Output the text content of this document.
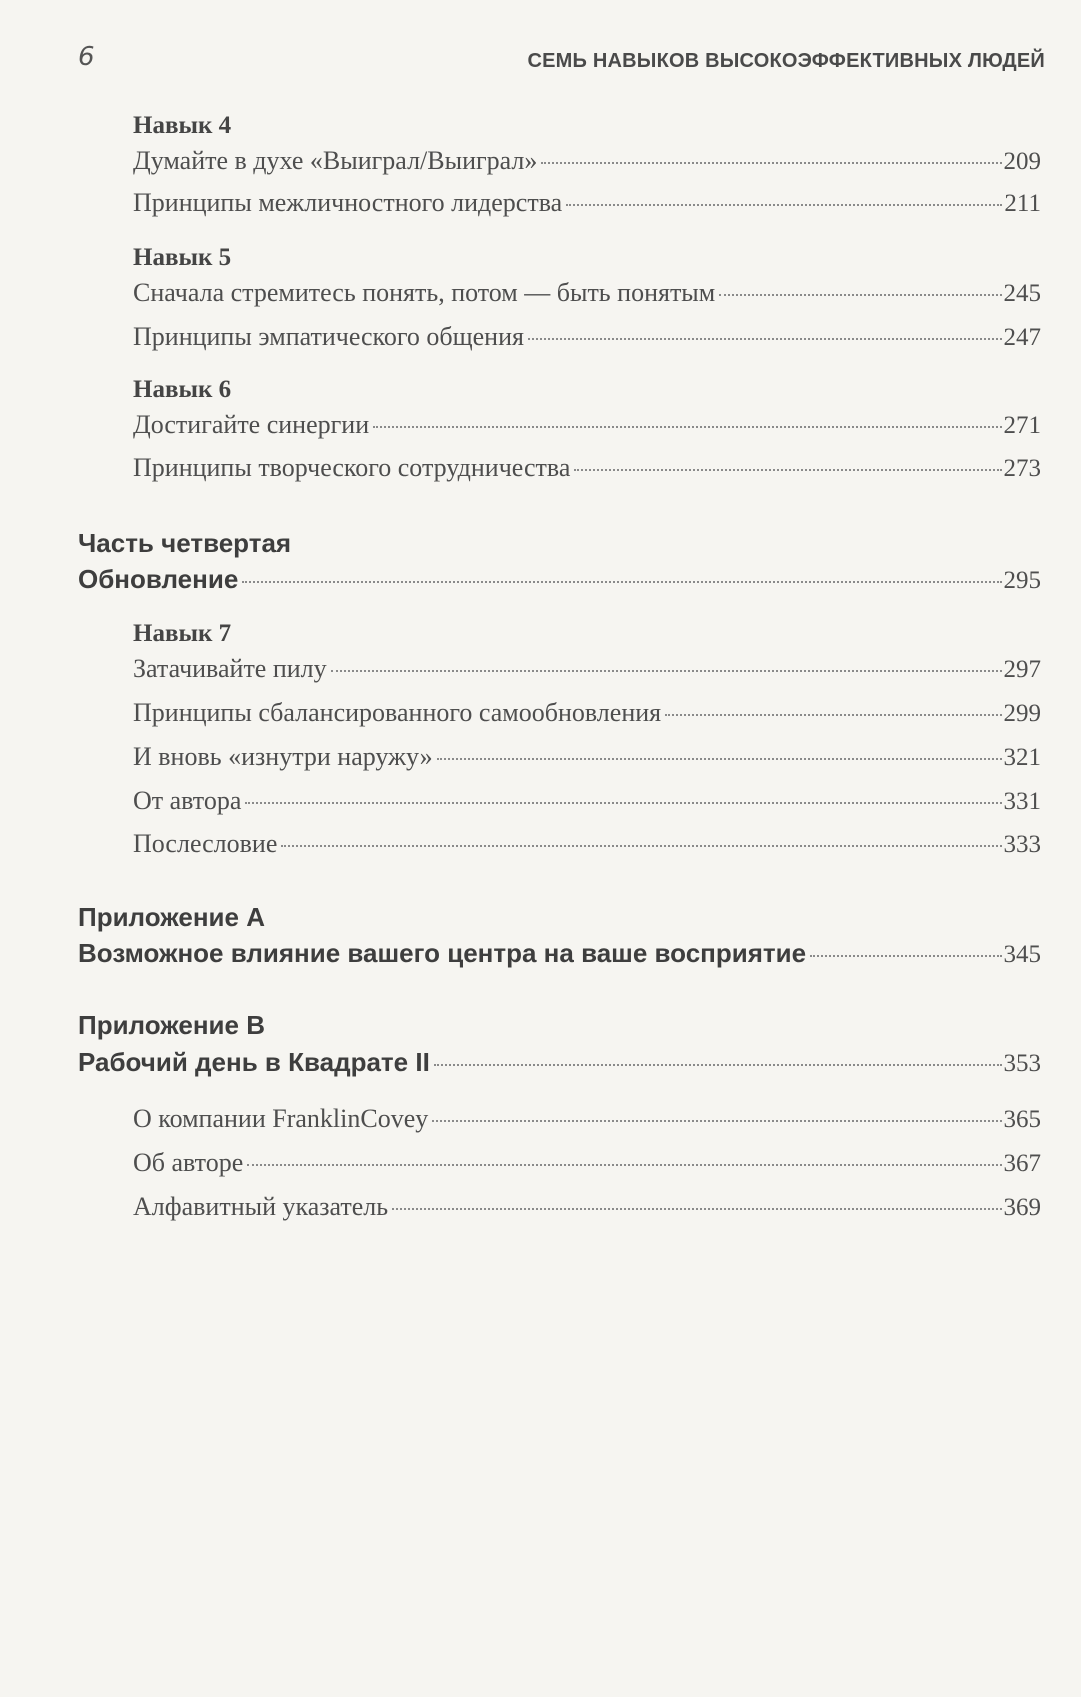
6	СЕМЬ НАВЫКОВ ВЫСОКОЭФФЕКТИВНЫХ ЛЮДЕЙ
Навык 4
Думайте в духе «Выиграл/Выиграл»	209
Принципы межличностного лидерства	211
Навык 5
Сначала стремитесь понять, потом — быть понятым	245
Принципы эмпатического общения	247
Навык 6
Достигайте синергии	271
Принципы творческого сотрудничества	273
Часть четвертая
Обновление	295
Навык 7
Затачивайте пилу	297
Принципы сбалансированного самообновления	299
И вновь «изнутри наружу»	321
От автора	331
Послесловие	333
Приложение А
Возможное влияние вашего центра на ваше восприятие	345
Приложение B
Рабочий день в Квадрате II	353
О компании FranklinCovey	365
Об авторе	367
Алфавитный указатель	369
